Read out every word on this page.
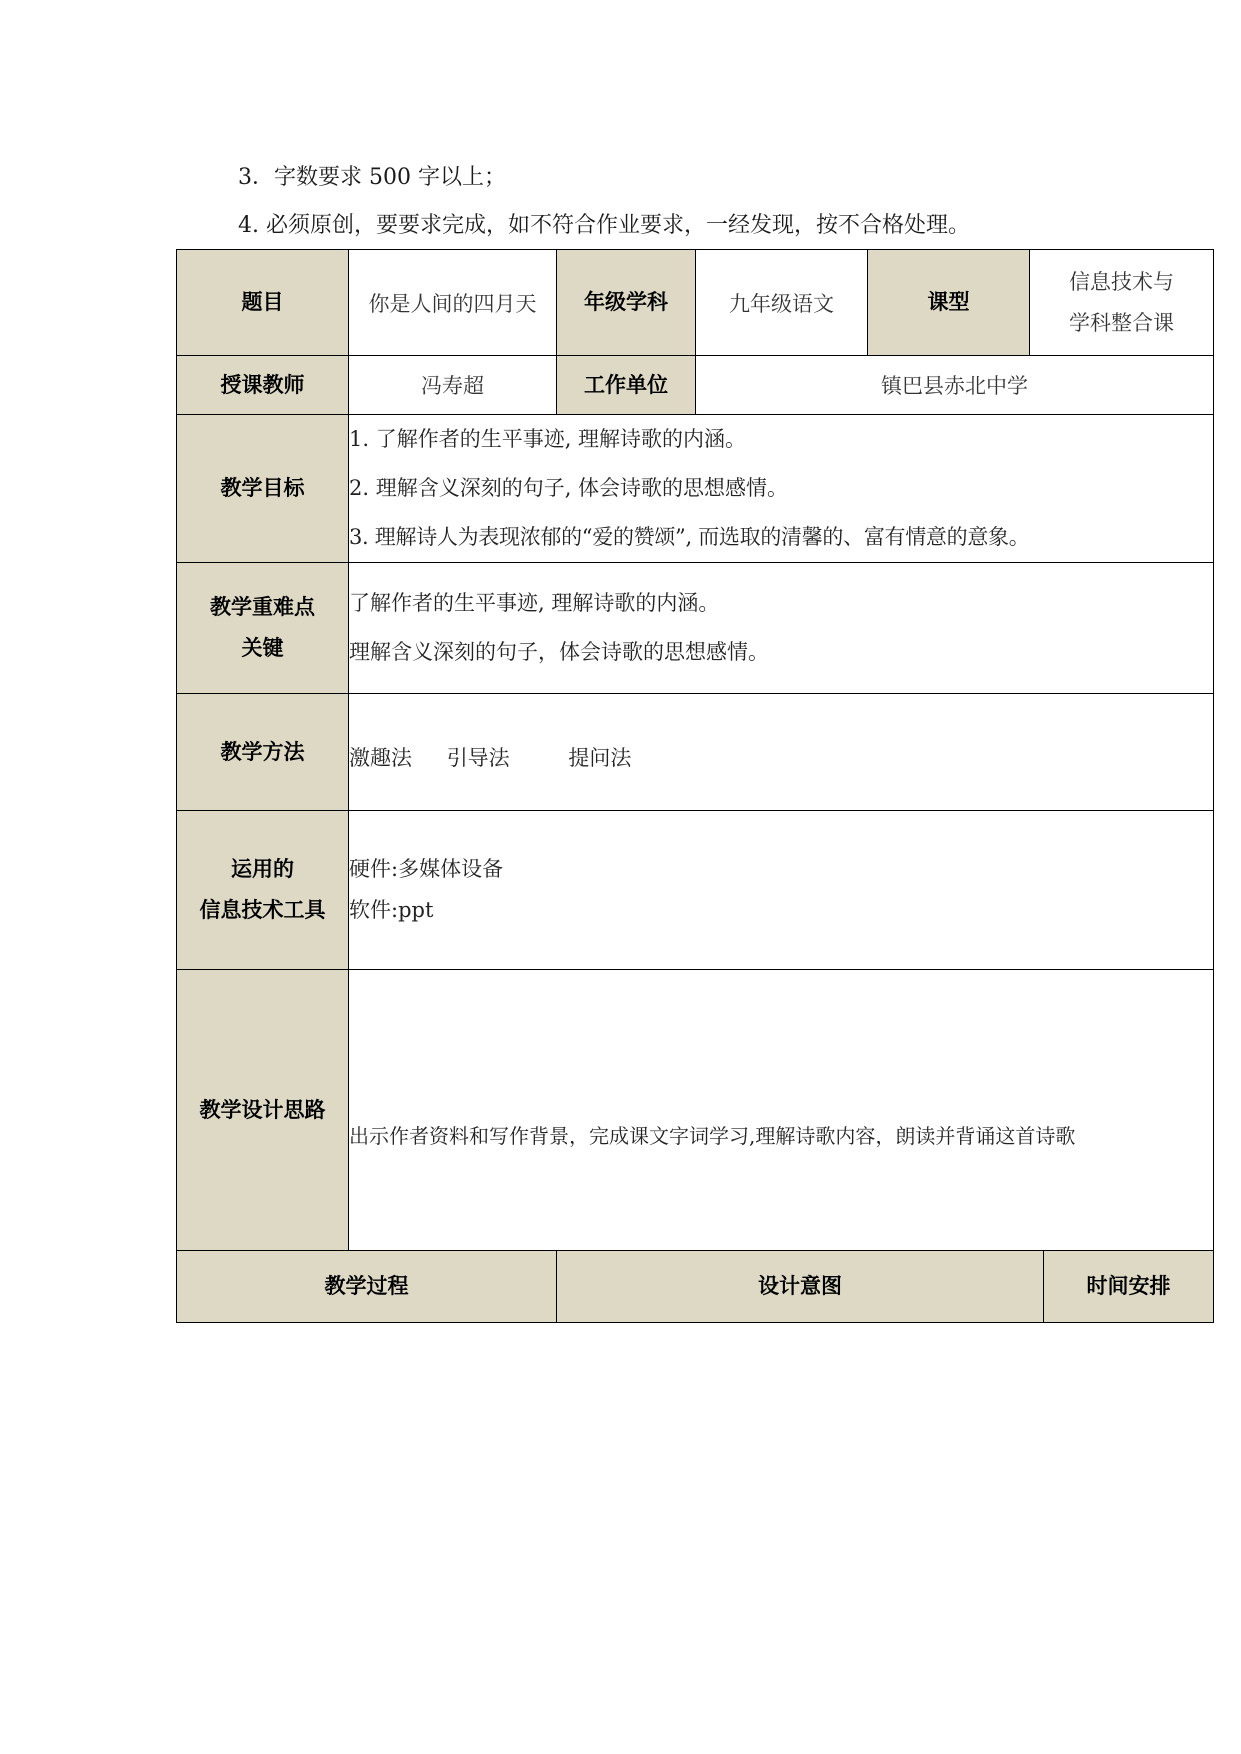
3．字数要求 500 字以上；
4. 必须原创，要要求完成，如不符合作业要求，一经发现，按不合格处理。
题目	你是人间的四月天	年级学科	九年级语文	课型	信息技术与
学科整合课	

授课教师	冯寿超	工作单位	镇巴县赤北中学			
教学目标	1. 了解作者的生平事迹, 理解诗歌的内涵。
2. 理解含义深刻的句子, 体会诗歌的思想感情。
3. 理解诗人为表现浓郁的“爱的赞颂”, 而选取的清馨的、富有情意的意象。					

教学重难点
关键	了解作者的生平事迹, 理解诗歌的内涵。
理解含义深刻的句子，体会诗歌的思想感情。					

教学方法	激趣法 引导法 提问法					

运用的
信息技术工具	硬件:多媒体设备
软件:ppt					

教学设计思路	出示作者资料和写作背景，完成课文字词学习,理解诗歌内容，朗读并背诵这首诗歌					
教学过程		设计意图				时间安排
